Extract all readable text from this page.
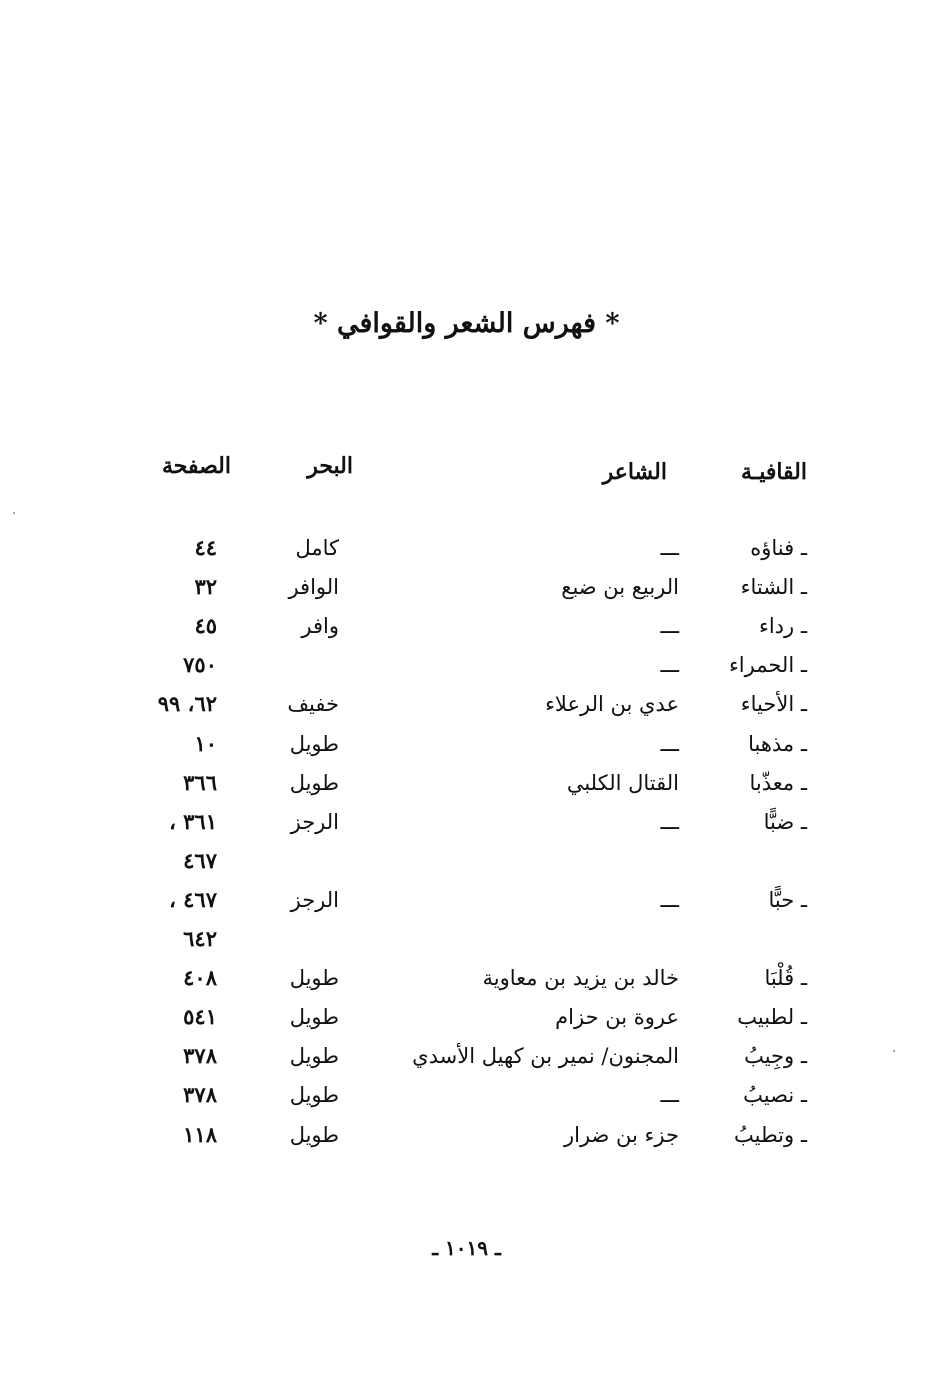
* فهرس الشعر والقوافي *
القافيـة
الشاعر
البحر
الصفحة
ـ فناؤه
ـــ
كامل
٤٤
ـ الشتاء
الربيع بن ضبع
الوافر
٣٢
ـ رداء
ـــ
وافر
٤٥
ـ الحمراء
ـــ
٧٥٠
ـ الأحياء
عدي بن الرعلاء
خفيف
٦٢، ٩٩
ـ مذهبا
ـــ
طويل
١٠
ـ معذّبا
القتال الكلبي
طويل
٣٦٦
ـ ضبًّا
ـــ
الرجز
٣٦١ ،
٤٦٧
ـ حبًّا
ـــ
الرجز
٤٦٧ ،
٦٤٢
ـ قُلْبَا
خالد بن يزيد بن معاوية
طويل
٤٠٨
ـ لطبيب
عروة بن حزام
طويل
٥٤١
ـ وجِيبُ
المجنون/ نمير بن كهيل الأسدي
طويل
٣٧٨
ـ نصيبُ
ـــ
طويل
٣٧٨
ـ وتطيبُ
جزء بن ضرار
طويل
١١٨
ـ ١٠١٩ ـ
